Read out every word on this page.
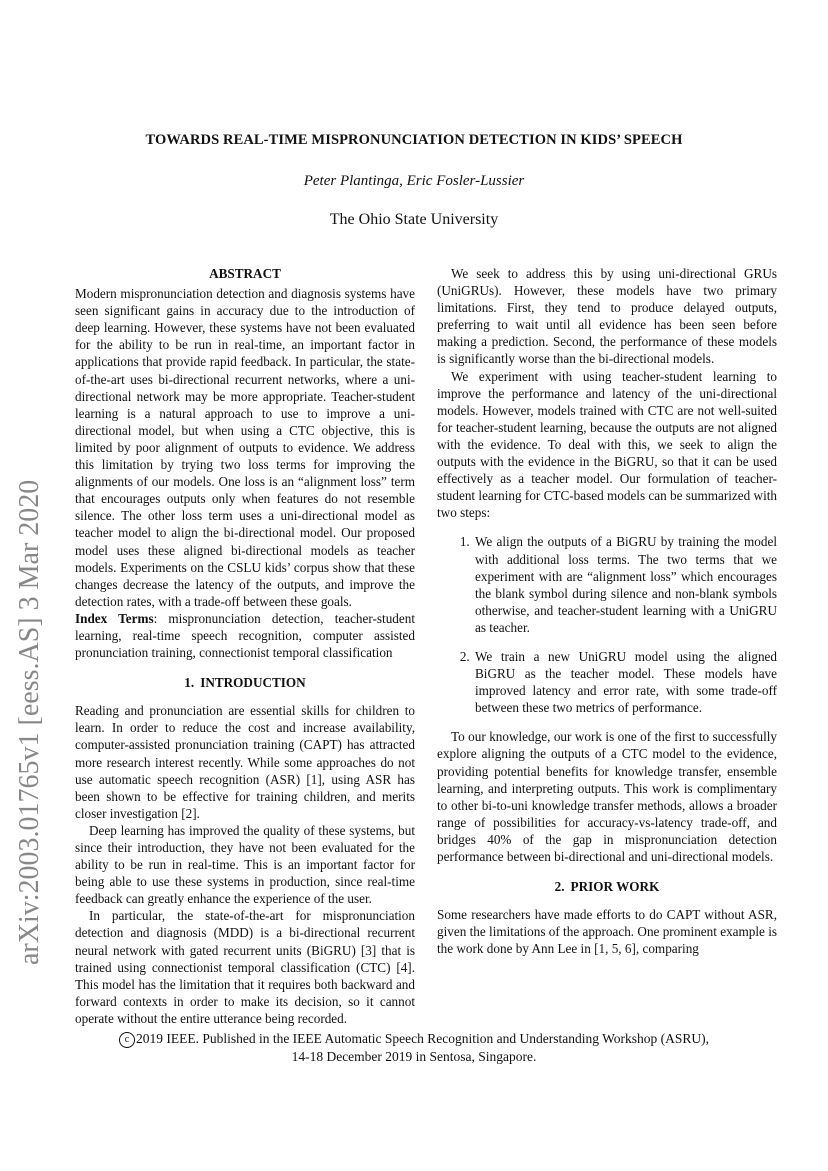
arXiv:2003.01765v1 [eess.AS] 3 Mar 2020
TOWARDS REAL-TIME MISPRONUNCIATION DETECTION IN KIDS’ SPEECH
Peter Plantinga, Eric Fosler-Lussier
The Ohio State University
ABSTRACT

Modern mispronunciation detection and diagnosis systems have seen significant gains in accuracy due to the introduction of deep learning. However, these systems have not been evaluated for the ability to be run in real-time, an important factor in applications that provide rapid feedback. In particular, the state-of-the-art uses bi-directional recurrent networks, where a uni-directional network may be more appropriate. Teacher-student learning is a natural approach to use to improve a uni-directional model, but when using a CTC objective, this is limited by poor alignment of outputs to evidence. We address this limitation by trying two loss terms for improving the alignments of our models. One loss is an “alignment loss” term that encourages outputs only when features do not resemble silence. The other loss term uses a uni-directional model as teacher model to align the bi-directional model. Our proposed model uses these aligned bi-directional models as teacher models. Experiments on the CSLU kids’ corpus show that these changes decrease the latency of the outputs, and improve the detection rates, with a trade-off between these goals.

Index Terms: mispronunciation detection, teacher-student learning, real-time speech recognition, computer assisted pronunciation training, connectionist temporal classification

1. INTRODUCTION

Reading and pronunciation are essential skills for children to learn. In order to reduce the cost and increase availability, computer-assisted pronunciation training (CAPT) has attracted more research interest recently. While some approaches do not use automatic speech recognition (ASR) [1], using ASR has been shown to be effective for training children, and merits closer investigation [2].

Deep learning has improved the quality of these systems, but since their introduction, they have not been evaluated for the ability to be run in real-time. This is an important factor for being able to use these systems in production, since real-time feedback can greatly enhance the experience of the user.

In particular, the state-of-the-art for mispronunciation detection and diagnosis (MDD) is a bi-directional recurrent neural network with gated recurrent units (BiGRU) [3] that is trained using connectionist temporal classification (CTC) [4]. This model has the limitation that it requires both backward and forward contexts in order to make its decision, so it cannot operate without the entire utterance being recorded.

We seek to address this by using uni-directional GRUs (UniGRUs). However, these models have two primary limitations. First, they tend to produce delayed outputs, preferring to wait until all evidence has been seen before making a prediction. Second, the performance of these models is significantly worse than the bi-directional models.

We experiment with using teacher-student learning to improve the performance and latency of the uni-directional models. However, models trained with CTC are not well-suited for teacher-student learning, because the outputs are not aligned with the evidence. To deal with this, we seek to align the outputs with the evidence in the BiGRU, so that it can be used effectively as a teacher model. Our formulation of teacher-student learning for CTC-based models can be summarized with two steps:

1. We align the outputs of a BiGRU by training the model with additional loss terms. The two terms that we experiment with are “alignment loss” which encourages the blank symbol during silence and non-blank symbols otherwise, and teacher-student learning with a UniGRU as teacher.
2. We train a new UniGRU model using the aligned BiGRU as the teacher model. These models have improved latency and error rate, with some trade-off between these two metrics of performance.

To our knowledge, our work is one of the first to successfully explore aligning the outputs of a CTC model to the evidence, providing potential benefits for knowledge transfer, ensemble learning, and interpreting outputs. This work is complimentary to other bi-to-uni knowledge transfer methods, allows a broader range of possibilities for accuracy-vs-latency trade-off, and bridges 40% of the gap in mispronunciation detection performance between bi-directional and uni-directional models.

2. PRIOR WORK

Some researchers have made efforts to do CAPT without ASR, given the limitations of the approach. One prominent example is the work done by Ann Lee in [1, 5, 6], comparing

c 2019 IEEE. Published in the IEEE Automatic Speech Recognition and Understanding Workshop (ASRU),
14-18 December 2019 in Sentosa, Singapore.
